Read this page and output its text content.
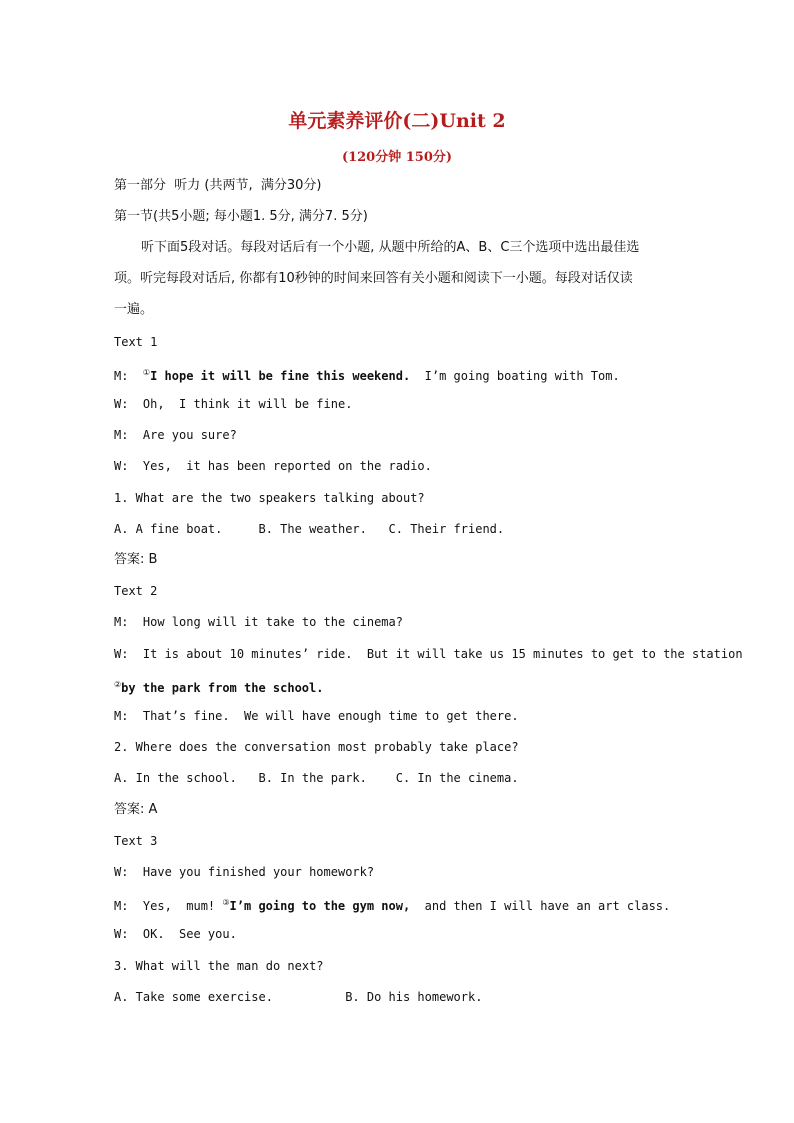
单元素养评价(二)Unit 2
(120分钟 150分)
第一部分  听力 (共两节,  满分30分)
第一节(共5小题; 每小题1. 5分, 满分7. 5分)
听下面5段对话。每段对话后有一个小题, 从题中所给的A、B、C三个选项中选出最佳选
项。听完每段对话后, 你都有10秒钟的时间来回答有关小题和阅读下一小题。每段对话仅读
一遍。
Text 1
M:  ①I hope it will be fine this weekend.  I’m going boating with Tom.
W:  Oh,  I think it will be fine.
M:  Are you sure?
W:  Yes,  it has been reported on the radio.
1. What are the two speakers talking about?
A. A fine boat.     B. The weather.   C. Their friend.
答案: B
Text 2
M:  How long will it take to the cinema?
W:  It is about 10 minutes’ ride.  But it will take us 15 minutes to get to the station
②by the park from the school.
M:  That’s fine.  We will have enough time to get there.
2. Where does the conversation most probably take place?
A. In the school.   B. In the park.    C. In the cinema.
答案: A
Text 3
W:  Have you finished your homework?
M:  Yes,  mum! ③I’m going to the gym now,  and then I will have an art class.
W:  OK.  See you.
3. What will the man do next?
A. Take some exercise.          B. Do his homework.
